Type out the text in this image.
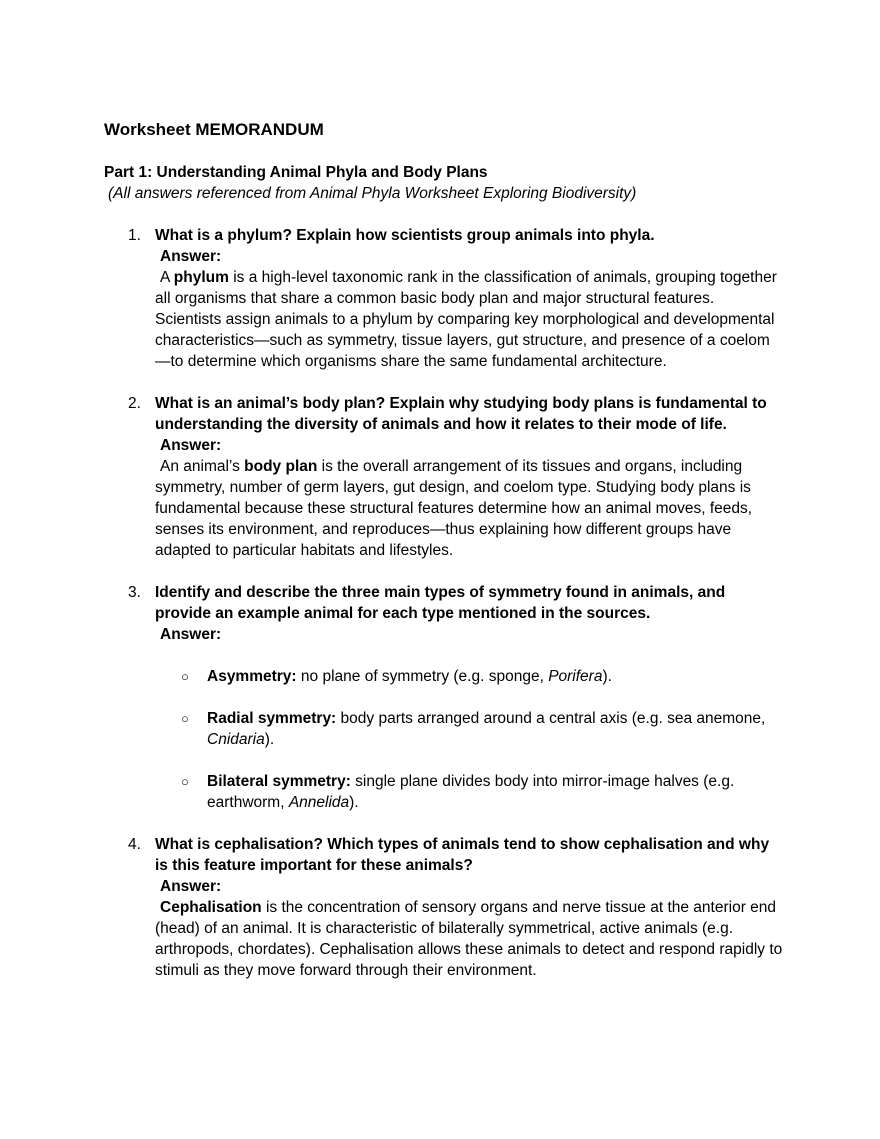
Worksheet MEMORANDUM
Part 1: Understanding Animal Phyla and Body Plans
(All answers referenced from Animal Phyla Worksheet Exploring Biodiversity)
1. What is a phylum? Explain how scientists group animals into phyla.
Answer:
A phylum is a high-level taxonomic rank in the classification of animals, grouping together all organisms that share a common basic body plan and major structural features. Scientists assign animals to a phylum by comparing key morphological and developmental characteristics—such as symmetry, tissue layers, gut structure, and presence of a coelom—to determine which organisms share the same fundamental architecture.
2. What is an animal’s body plan? Explain why studying body plans is fundamental to understanding the diversity of animals and how it relates to their mode of life.
Answer:
An animal’s body plan is the overall arrangement of its tissues and organs, including symmetry, number of germ layers, gut design, and coelom type. Studying body plans is fundamental because these structural features determine how an animal moves, feeds, senses its environment, and reproduces—thus explaining how different groups have adapted to particular habitats and lifestyles.
3. Identify and describe the three main types of symmetry found in animals, and provide an example animal for each type mentioned in the sources.
Answer:
○ Asymmetry: no plane of symmetry (e.g. sponge, Porifera).
○ Radial symmetry: body parts arranged around a central axis (e.g. sea anemone, Cnidaria).
○ Bilateral symmetry: single plane divides body into mirror-image halves (e.g. earthworm, Annelida).
4. What is cephalisation? Which types of animals tend to show cephalisation and why is this feature important for these animals?
Answer:
Cephalisation is the concentration of sensory organs and nerve tissue at the anterior end (head) of an animal. It is characteristic of bilaterally symmetrical, active animals (e.g. arthropods, chordates). Cephalisation allows these animals to detect and respond rapidly to stimuli as they move forward through their environment.
